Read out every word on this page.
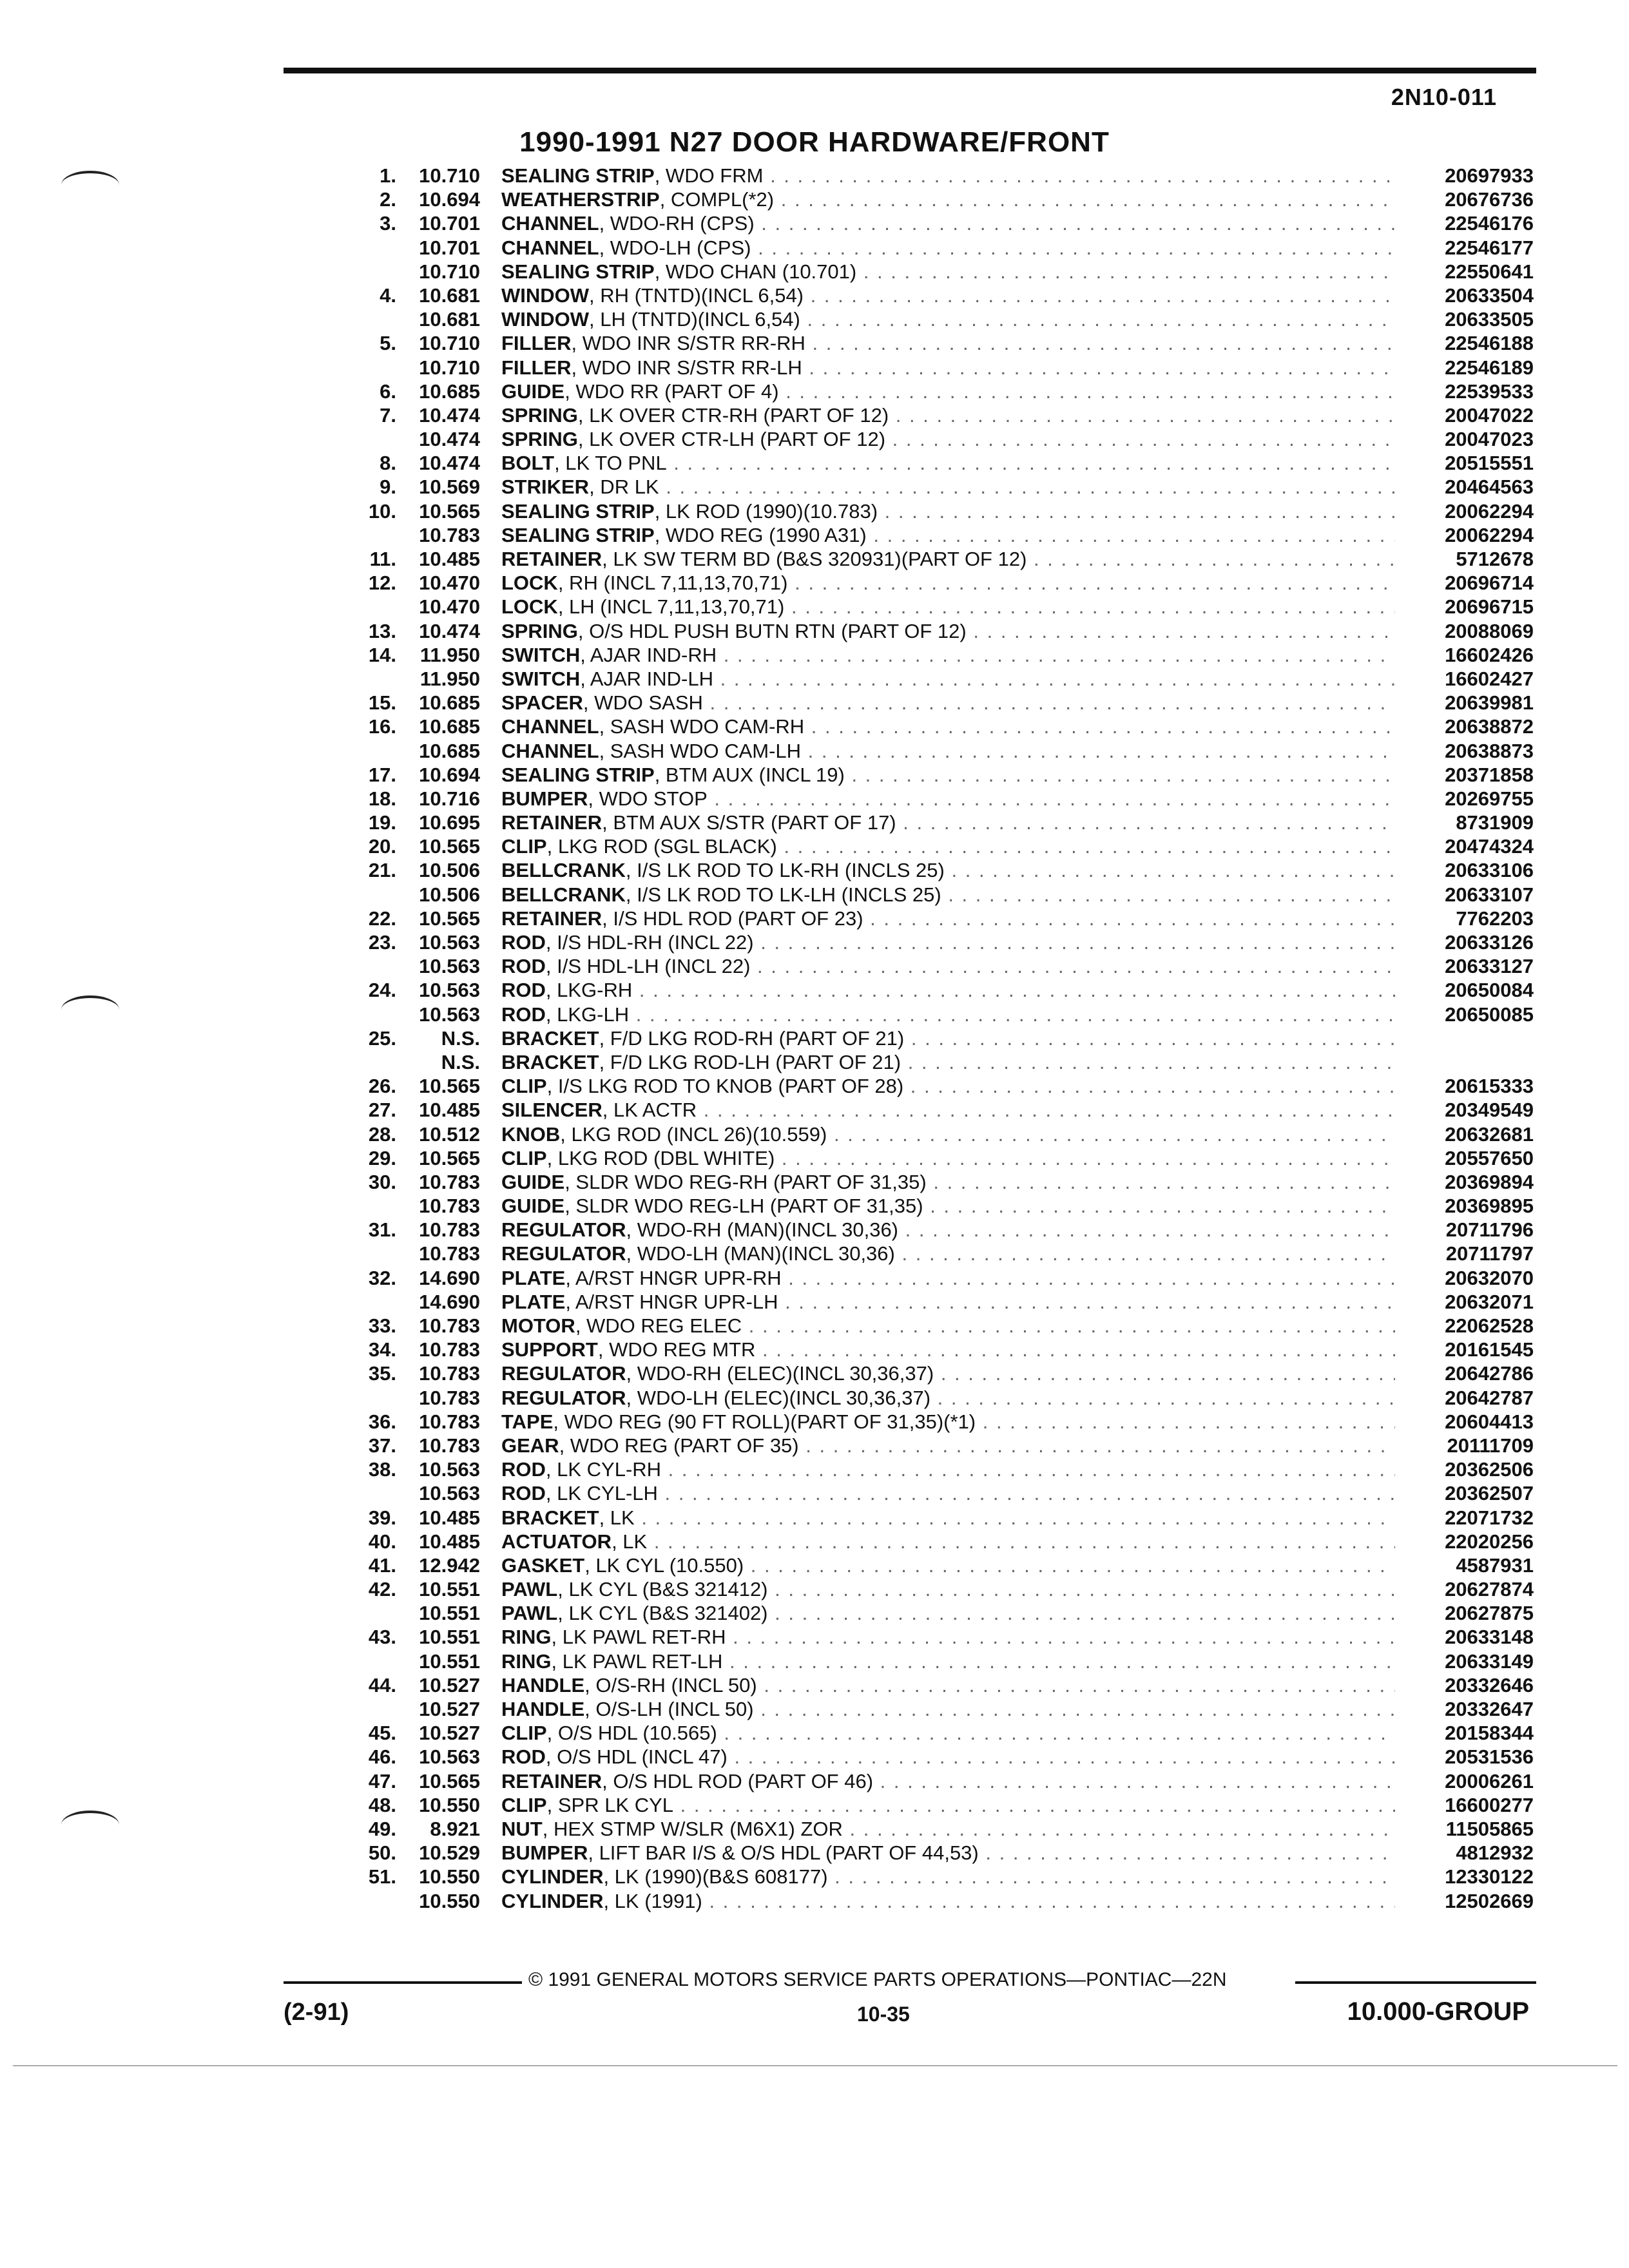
2N10-011
1990-1991 N27 DOOR HARDWARE/FRONT
1.	10.710 SEALING STRIP, WDO FRM . . .	20697933
2.	10.694 WEATHERSTRIP, COMPL(*2) . . .	20676736
3.	10.701 CHANNEL, WDO-RH (CPS) . . .	22546176
10.701 CHANNEL, WDO-LH (CPS) . . .	22546177
10.710 SEALING STRIP, WDO CHAN (10.701) . . .	22550641
4.	10.681 WINDOW, RH (TNTD)(INCL 6,54) . . .	20633504
10.681 WINDOW, LH (TNTD)(INCL 6,54) . . .	20633505
5.	10.710 FILLER, WDO INR S/STR RR-RH . . .	22546188
10.710 FILLER, WDO INR S/STR RR-LH . . .	22546189
6.	10.685 GUIDE, WDO RR (PART OF 4) . . .	22539533
7.	10.474 SPRING, LK OVER CTR-RH (PART OF 12) . . .	20047022
10.474 SPRING, LK OVER CTR-LH (PART OF 12) . . .	20047023
8.	10.474 BOLT, LK TO PNL . . .	20515551
9.	10.569 STRIKER, DR LK . . .	20464563
10.	10.565 SEALING STRIP, LK ROD (1990)(10.783) . . .	20062294
10.783 SEALING STRIP, WDO REG (1990 A31) . . .	20062294
11.	10.485 RETAINER, LK SW TERM BD (B&S 320931)(PART OF 12) . . .	5712678
12.	10.470 LOCK, RH (INCL 7,11,13,70,71) . . .	20696714
10.470 LOCK, LH (INCL 7,11,13,70,71) . . .	20696715
13.	10.474 SPRING, O/S HDL PUSH BUTN RTN (PART OF 12) . . .	20088069
14.	11.950 SWITCH, AJAR IND-RH . . .	16602426
11.950 SWITCH, AJAR IND-LH . . .	16602427
15.	10.685 SPACER, WDO SASH . . .	20639981
16.	10.685 CHANNEL, SASH WDO CAM-RH . . .	20638872
10.685 CHANNEL, SASH WDO CAM-LH . . .	20638873
17.	10.694 SEALING STRIP, BTM AUX (INCL 19) . . .	20371858
18.	10.716 BUMPER, WDO STOP . . .	20269755
19.	10.695 RETAINER, BTM AUX S/STR (PART OF 17) . . .	8731909
20.	10.565 CLIP, LKG ROD (SGL BLACK) . . .	20474324
21.	10.506 BELLCRANK, I/S LK ROD TO LK-RH (INCLS 25) . . .	20633106
10.506 BELLCRANK, I/S LK ROD TO LK-LH (INCLS 25) . . .	20633107
22.	10.565 RETAINER, I/S HDL ROD (PART OF 23) . . .	7762203
23.	10.563 ROD, I/S HDL-RH (INCL 22) . . .	20633126
10.563 ROD, I/S HDL-LH (INCL 22) . . .	20633127
24.	10.563 ROD, LKG-RH . . .	20650084
10.563 ROD, LKG-LH . . .	20650085
25.	N.S. BRACKET, F/D LKG ROD-RH (PART OF 21) . . .
N.S. BRACKET, F/D LKG ROD-LH (PART OF 21) . . .
26.	10.565 CLIP, I/S LKG ROD TO KNOB (PART OF 28) . . .	20615333
27.	10.485 SILENCER, LK ACTR . . .	20349549
28.	10.512 KNOB, LKG ROD (INCL 26)(10.559) . . .	20632681
29.	10.565 CLIP, LKG ROD (DBL WHITE) . . .	20557650
30.	10.783 GUIDE, SLDR WDO REG-RH (PART OF 31,35) . . .	20369894
10.783 GUIDE, SLDR WDO REG-LH (PART OF 31,35) . . .	20369895
31.	10.783 REGULATOR, WDO-RH (MAN)(INCL 30,36) . . .	20711796
10.783 REGULATOR, WDO-LH (MAN)(INCL 30,36) . . .	20711797
32.	14.690 PLATE, A/RST HNGR UPR-RH . . .	20632070
14.690 PLATE, A/RST HNGR UPR-LH . . .	20632071
33.	10.783 MOTOR, WDO REG ELEC . . .	22062528
34.	10.783 SUPPORT, WDO REG MTR . . .	20161545
35.	10.783 REGULATOR, WDO-RH (ELEC)(INCL 30,36,37) . . .	20642786
10.783 REGULATOR, WDO-LH (ELEC)(INCL 30,36,37) . . .	20642787
36.	10.783 TAPE, WDO REG (90 FT ROLL)(PART OF 31,35)(*1) . . .	20604413
37.	10.783 GEAR, WDO REG (PART OF 35) . . .	20111709
38.	10.563 ROD, LK CYL-RH . . .	20362506
10.563 ROD, LK CYL-LH . . .	20362507
39.	10.485 BRACKET, LK . . .	22071732
40.	10.485 ACTUATOR, LK . . .	22020256
41.	12.942 GASKET, LK CYL (10.550) . . .	4587931
42.	10.551 PAWL, LK CYL (B&S 321412) . . .	20627874
10.551 PAWL, LK CYL (B&S 321402) . . .	20627875
43.	10.551 RING, LK PAWL RET-RH . . .	20633148
10.551 RING, LK PAWL RET-LH . . .	20633149
44.	10.527 HANDLE, O/S-RH (INCL 50) . . .	20332646
10.527 HANDLE, O/S-LH (INCL 50) . . .	20332647
45.	10.527 CLIP, O/S HDL (10.565) . . .	20158344
46.	10.563 ROD, O/S HDL (INCL 47) . . .	20531536
47.	10.565 RETAINER, O/S HDL ROD (PART OF 46) . . .	20006261
48.	10.550 CLIP, SPR LK CYL . . .	16600277
49.	8.921 NUT, HEX STMP W/SLR (M6X1) ZOR . . .	11505865
50.	10.529 BUMPER, LIFT BAR I/S & O/S HDL (PART OF 44,53) . . .	4812932
51.	10.550 CYLINDER, LK (1990)(B&S 608177) . . .	12330122
10.550 CYLINDER, LK (1991) . . .	12502669
© 1991 GENERAL MOTORS SERVICE PARTS OPERATIONS—PONTIAC—22N
(2-91)	10-35	10.000-GROUP
